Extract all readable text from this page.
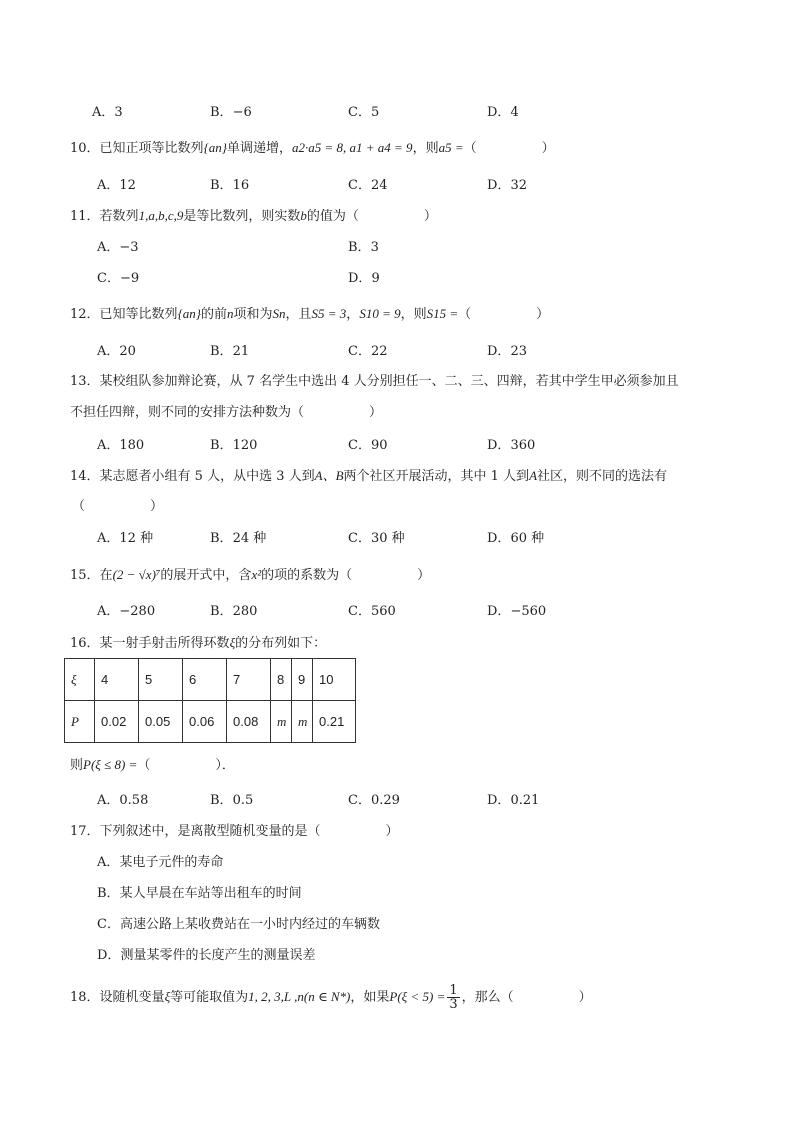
A．3	B．−6	C．5	D．4
10．已知正项等比数列{an}单调递增，a2·a5 = 8, a1 + a4 = 9，则a5 =（　　　　　）
A．12	B．16	C．24	D．32
11．若数列1,a,b,c,9是等比数列，则实数b的值为（　　　　　）
A．−3	B．3
C．−9	D．9
12．已知等比数列{an}的前n项和为Sn，且S5 = 3，S10 = 9，则S15 =（　　　　　）
A．20	B．21	C．22	D．23
13．某校组队参加辩论赛，从 7 名学生中选出 4 人分别担任一、二、三、四辩，若其中学生甲必须参加且
不担任四辩，则不同的安排方法种数为（　　　　　）
A．180	B．120	C．90	D．360
14．某志愿者小组有 5 人，从中选 3 人到A、B两个社区开展活动，其中 1 人到A社区，则不同的选法有
（　　　　　）
A．12 种	B．24 种	C．30 种	D．60 种
15．在(2 − √x)⁷的展开式中，含x²的项的系数为（　　　　　）
A．−280	B．280	C．560	D．−560
16．某一射手射击所得环数ξ的分布列如下：
ξ	4	5	6	7	8	9	10
P	0.02	0.05	0.06	0.08	m	m	0.21
则P(ξ ≤ 8) =（　　　　　）．
A．0.58	B．0.5	C．0.29	D．0.21
17．下列叙述中，是离散型随机变量的是（　　　　　）
A．某电子元件的寿命
B．某人早晨在车站等出租车的时间
C．高速公路上某收费站在一小时内经过的车辆数
D．测量某零件的长度产生的测量误差
18．设随机变量ξ等可能取值为1, 2, 3,L ,n(n ∈ N*)，如果$P(\xi < 5) = \frac{1}{3}$ ，那么（　　　　　）
